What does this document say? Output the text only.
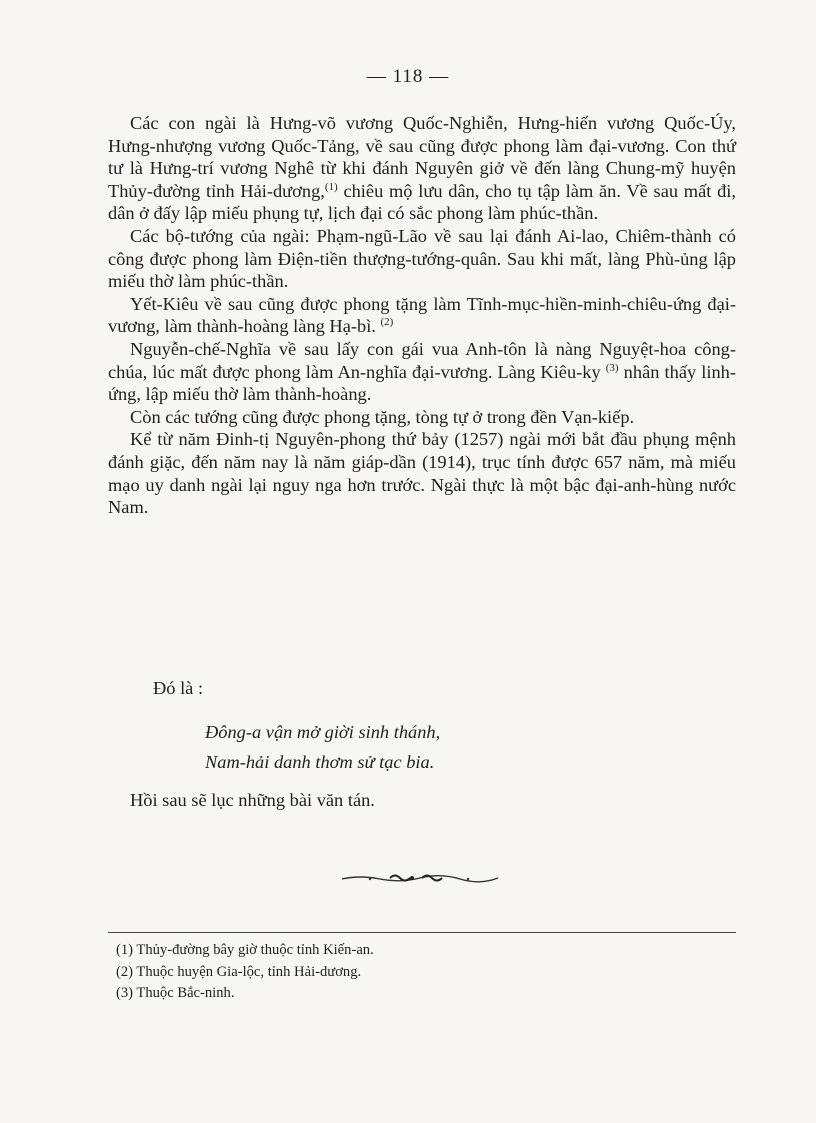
— 118 —

Các con ngài là Hưng-võ vương Quốc-Nghiễn, Hưng-hiến vương Quốc-Úy, Hưng-nhượng vương Quốc-Tảng, về sau cũng được phong làm đại-vương. Con thứ tư là Hưng-trí vương Nghê từ khi đánh Nguyên giở về đến làng Chung-mỹ huyện Thủy-đường tỉnh Hải-dương,$^{(1)}$ chiêu mộ lưu dân, cho tụ tập làm ăn. Về sau mất đi, dân ở đấy lập miếu phụng tự, lịch đại có sắc phong làm phúc-thần.

Các bộ-tướng của ngài: Phạm-ngũ-Lão về sau lại đánh Ai-lao, Chiêm-thành có công được phong làm Điện-tiền thượng-tướng-quân. Sau khi mất, làng Phù-ủng lập miếu thờ làm phúc-thần.

Yết-Kiêu về sau cũng được phong tặng làm Tĩnh-mục-hiền-minh-chiêu-ứng đại-vương, làm thành-hoàng làng Hạ-bì. $^{(2)}$

Nguyễn-chế-Nghĩa về sau lấy con gái vua Anh-tôn là nàng Nguyệt-hoa công-chúa, lúc mất được phong làm An-nghĩa đại-vương. Làng Kiêu-ky $^{(3)}$ nhân thấy linh-ứng, lập miếu thờ làm thành-hoàng.

Còn các tướng cũng được phong tặng, tòng tự ở trong đền Vạn-kiếp.

Kể từ năm Đinh-tị Nguyên-phong thứ bảy (1257) ngài mới bắt đầu phụng mệnh đánh giặc, đến năm nay là năm giáp-dần (1914), trục tính được 657 năm, mà miếu mạo uy danh ngài lại nguy nga hơn trước. Ngài thực là một bậc đại-anh-hùng nước Nam.

Đó là :
Đông-a vận mở giời sinh thánh,
Nam-hải danh thơm sử tạc bia.
Hồi sau sẽ lục những bài văn tán.
(1) Thủy-đường bây giờ thuộc tỉnh Kiến-an.
(2) Thuộc huyện Gia-lộc, tỉnh Hải-dương.
(3) Thuộc Bắc-ninh.
